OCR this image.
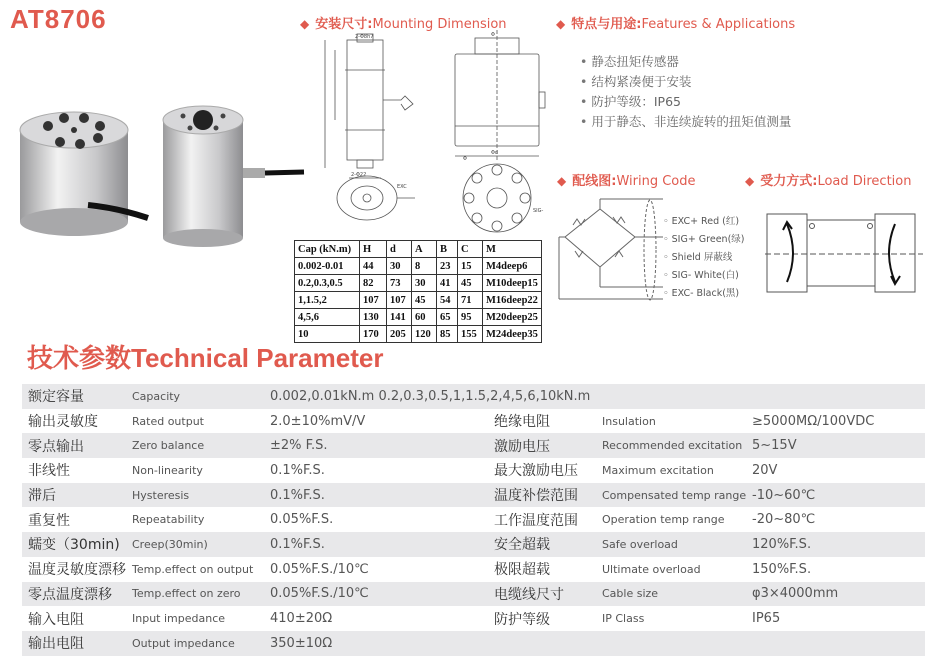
AT8706	◆ 安装尺寸:Mounting Dimension
2-Φ8h7
2-Φ22
Φ
Φd
EXC
Φ
SIG-
Cap (kN.m)	H	d	A	B	C	M
0.002-0.01	44	30	8	23	15	M4deep6
0.2,0.3,0.5	82	73	30	41	45	M10deep15
1,1.5,2	107	107	45	54	71	M16deep22
4,5,6	130	141	60	65	95	M20deep25
10	170	205	120	85	155	M24deep35
◆ 特点与用途:Features & Applications
• 静态扭矩传感器
• 结构紧凑便于安装
• 防护等级：IP65
• 用于静态、非连续旋转的扭矩值测量
◆ 配线图:Wiring Code
◦ EXC+ Red (红)
◦ SIG+ Green(绿)
◦ Shield 屏蔽线
◦ SIG- White(白)
◦ EXC- Black(黑)
◆ 受力方式:Load Direction
技术参数Technical Parameter
额定容量	Capacity	0.002,0.01kN.m 0.2,0.3,0.5,1,1.5,2,4,5,6,10kN.m			
输出灵敏度	Rated output	2.0±10%mV/V	绝缘电阻	Insulation	≥5000MΩ/100VDC
零点输出	Zero balance	±2% F.S.	激励电压	Recommended excitation	5~15V
非线性	Non-linearity	0.1%F.S.	最大激励电压	Maximum excitation	20V
滞后	Hysteresis	0.1%F.S.	温度补偿范围	Compensated temp range	-10~60℃
重复性	Repeatability	0.05%F.S.	工作温度范围	Operation temp range	-20~80℃
蠕变（30min)	Creep(30min)	0.1%F.S.	安全超载	Safe overload	120%F.S.
温度灵敏度漂移	Temp.effect on output	0.05%F.S./10℃	极限超载	Ultimate overload	150%F.S.
零点温度漂移	Temp.effect on zero	0.05%F.S./10℃	电缆线尺寸	Cable size	φ3×4000mm
输入电阻	Input impedance	410±20Ω	防护等级	IP Class	IP65
输出电阻	Output impedance	350±10Ω			
